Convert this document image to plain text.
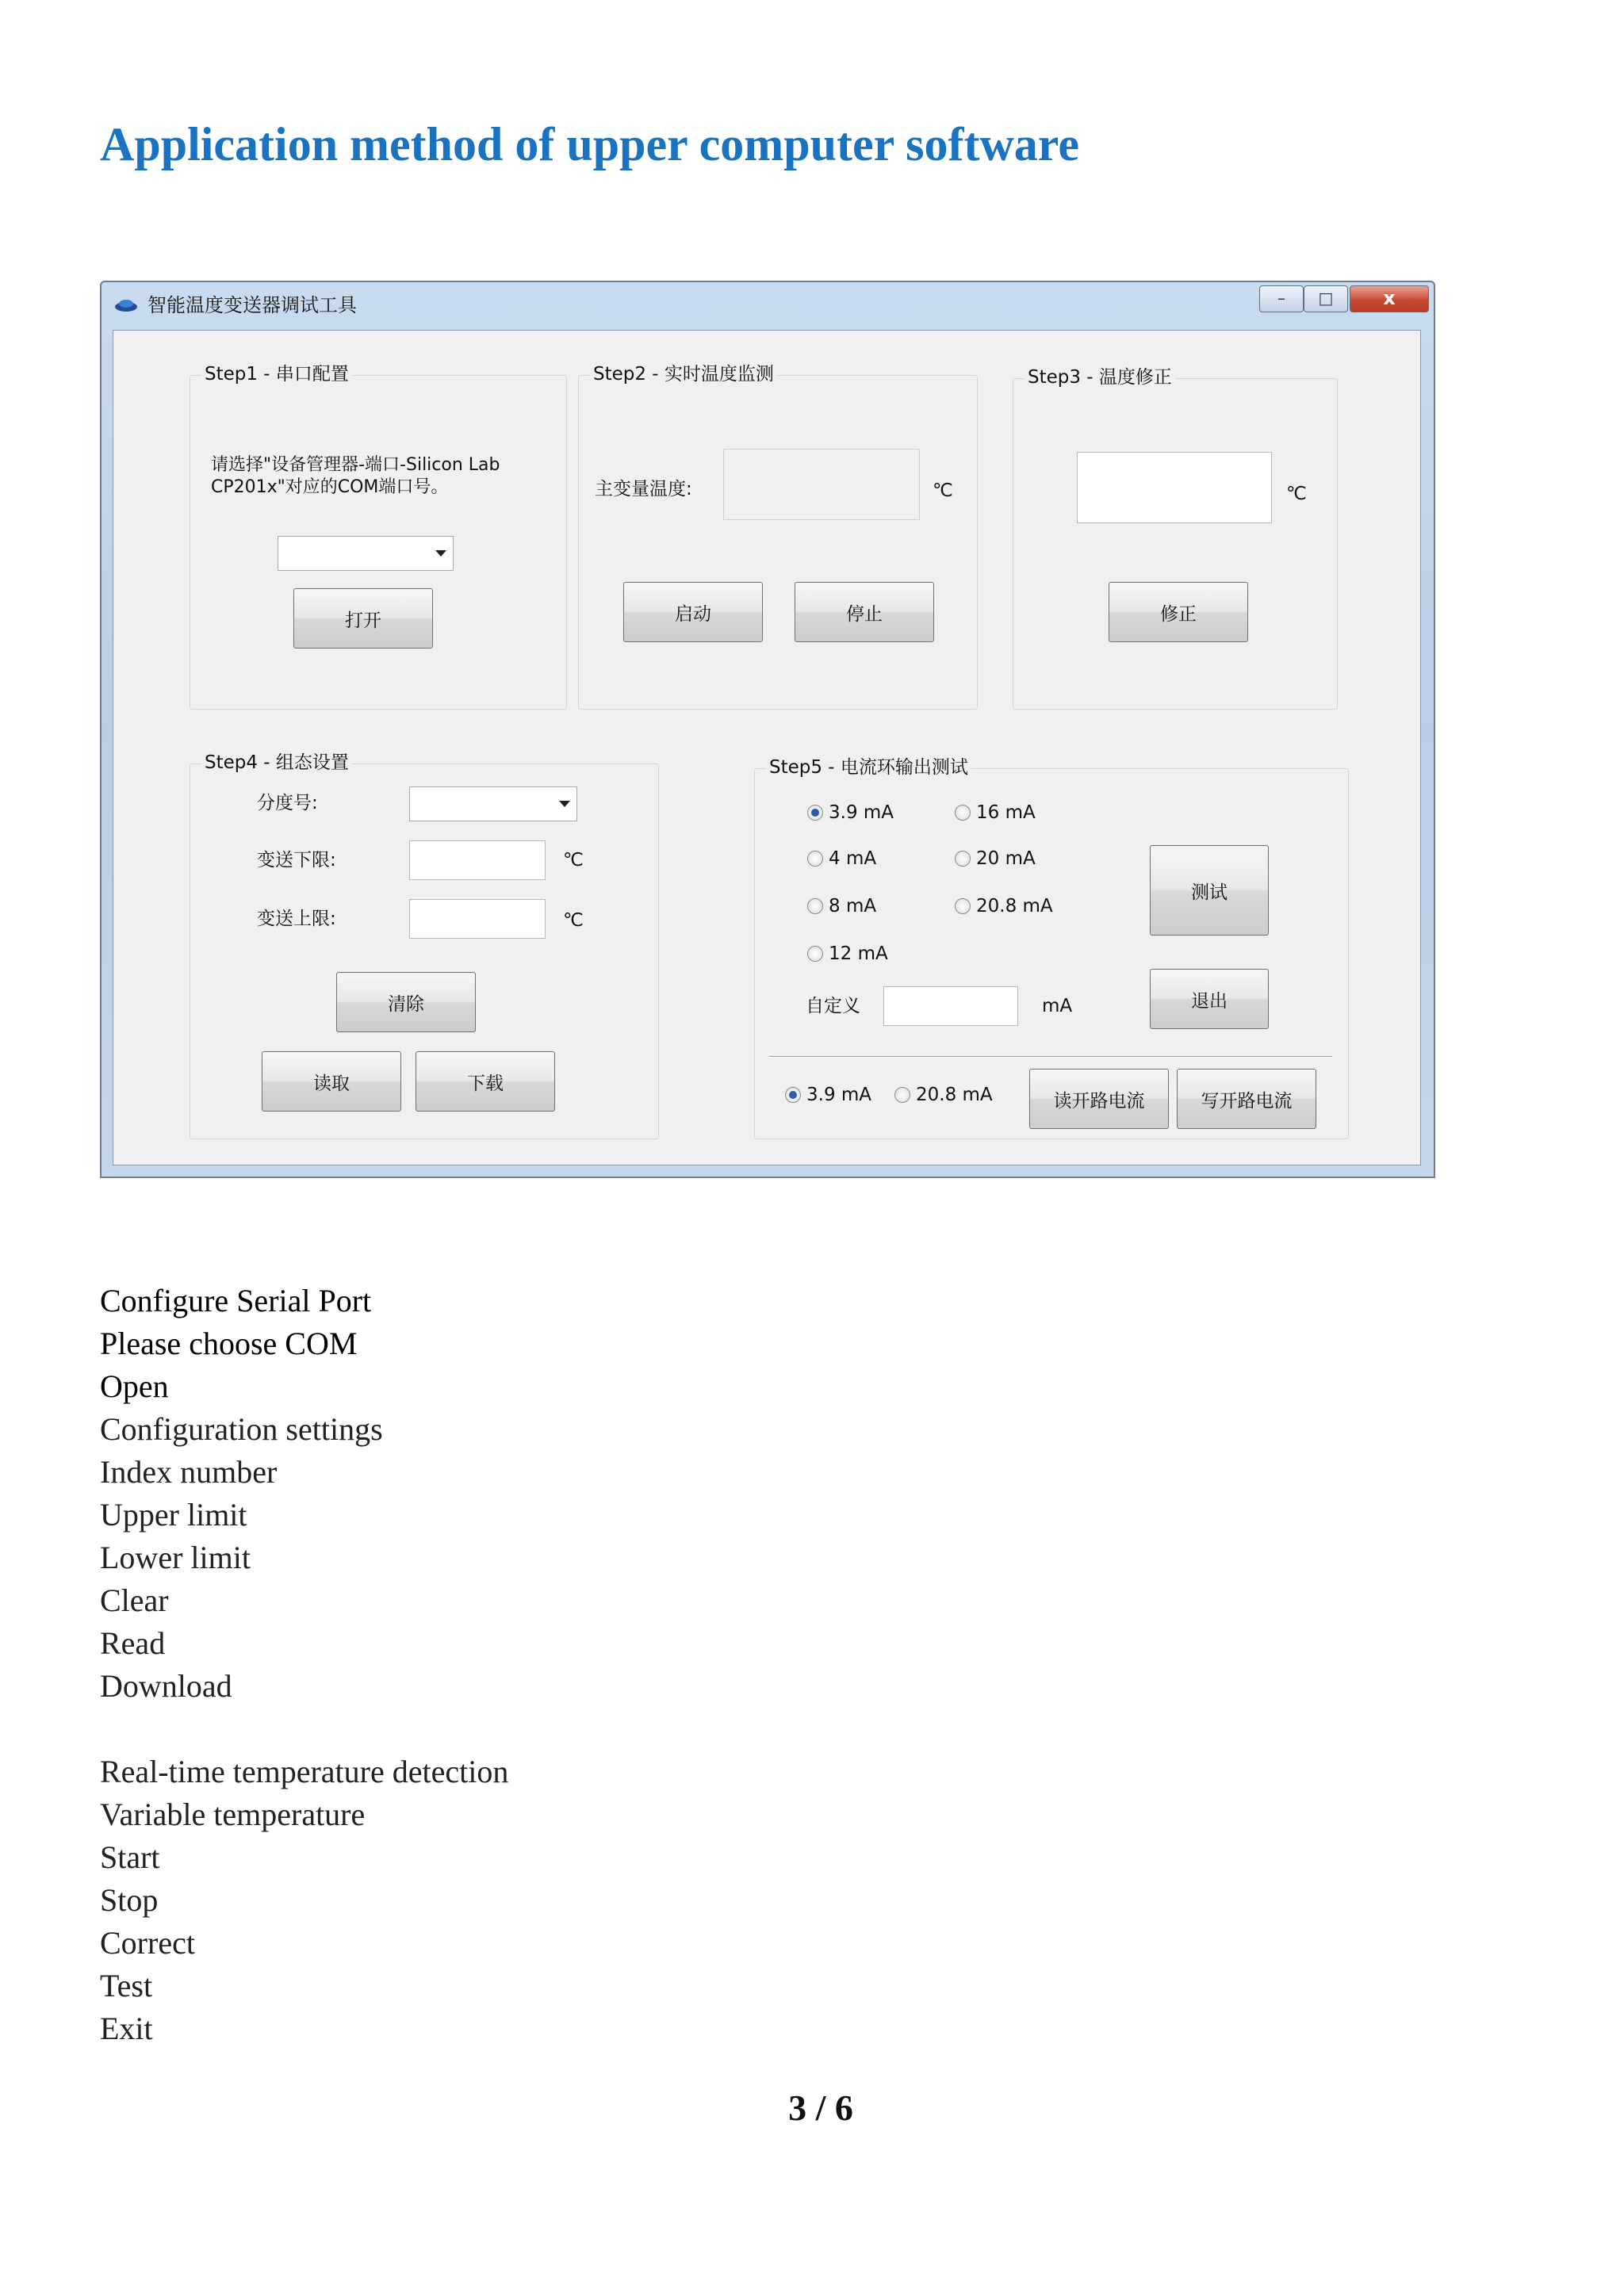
Application method of upper computer software
智能温度变送器调试工具	–	□	x
Step1 - 串口配置
请选择"设备管理器-端口-Silicon Lab
CP201x"对应的COM端口号。
打开
Step2 - 实时温度监测
主变量温度:	℃
启动	停止
Step3 - 温度修正
℃
修正
Step4 - 组态设置
分度号:
变送下限:	℃
变送上限:	℃
清除
读取	下载
Step5 - 电流环输出测试
3.9 mA	16 mA
4 mA	20 mA
8 mA	20.8 mA
12 mA
自定义	mA
测试
退出
3.9 mA 20.8 mA	读开路电流	写开路电流
Configure Serial Port
Please choose COM
Open
Configuration settings
Index number
Upper limit
Lower limit
Clear
Read
Download
Real-time temperature detection
Variable temperature
Start
Stop
Correct
Test
Exit
3 / 6
